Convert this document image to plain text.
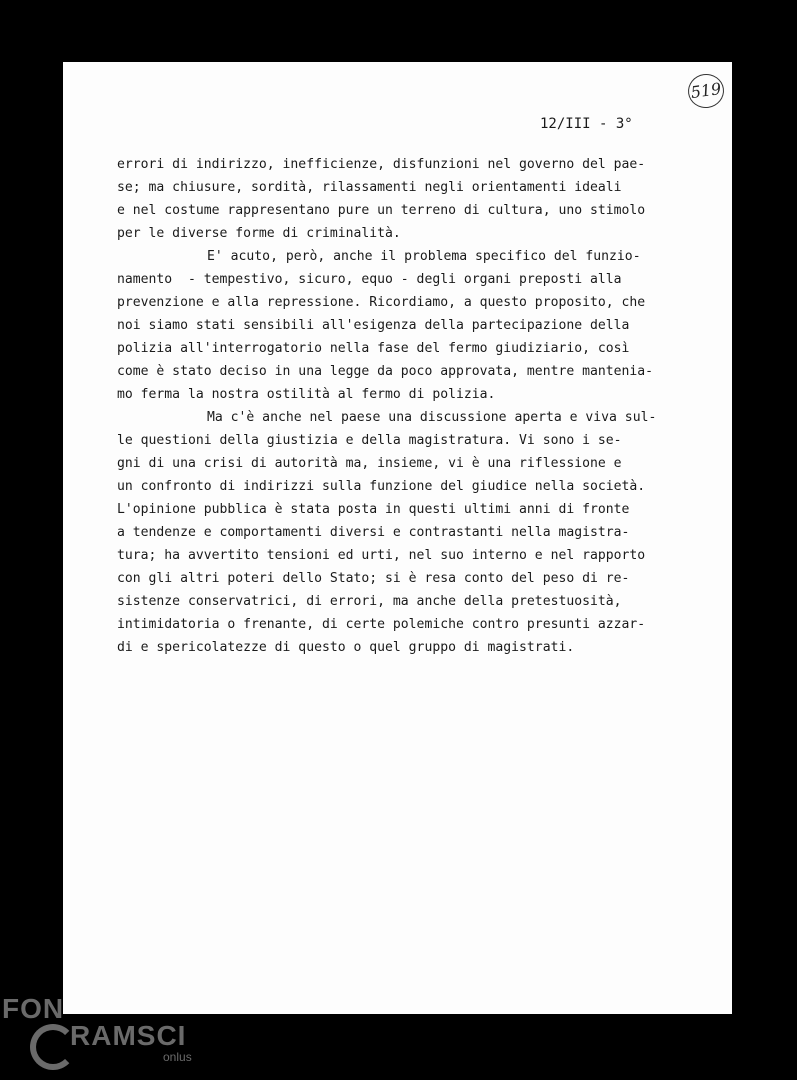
519
12/III - 3°
errori di indirizzo, inefficienze, disfunzioni nel governo del pae-
se; ma chiusure, sordità, rilassamenti negli orientamenti ideali
e nel costume rappresentano pure un terreno di cultura, uno stimolo
per le diverse forme di criminalità.
E' acuto, però, anche il problema specifico del funzio-
namento  - tempestivo, sicuro, equo - degli organi preposti alla
prevenzione e alla repressione. Ricordiamo, a questo proposito, che
noi siamo stati sensibili all'esigenza della partecipazione della
polizia all'interrogatorio nella fase del fermo giudiziario, così
come è stato deciso in una legge da poco approvata, mentre mantenia-
mo ferma la nostra ostilità al fermo di polizia.
Ma c'è anche nel paese una discussione aperta e viva sul-
le questioni della giustizia e della magistratura. Vi sono i se-
gni di una crisi di autorità ma, insieme, vi è una riflessione e
un confronto di indirizzi sulla funzione del giudice nella società.
L'opinione pubblica è stata posta in questi ultimi anni di fronte
a tendenze e comportamenti diversi e contrastanti nella magistra-
tura; ha avvertito tensioni ed urti, nel suo interno e nel rapporto
con gli altri poteri dello Stato; si è resa conto del peso di re-
sistenze conservatrici, di errori, ma anche della pretestuosità,
intimidatoria o frenante, di certe polemiche contro presunti azzar-
di e spericolatezze di questo o quel gruppo di magistrati.
FON
RAMSCI
onlus
